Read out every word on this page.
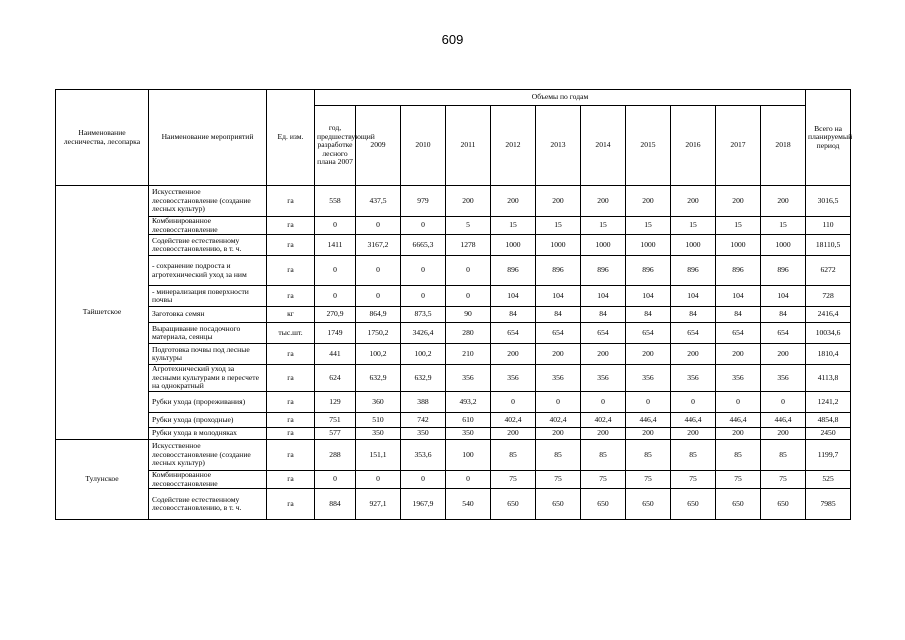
609
Наименование лесничества, лесопарка	Наименование мероприятий	Ед. изм.	Объемы по годам											Всего на планируемый период
			год, предшествующий разработке лесного плана 2007	2009	2010	2011	2012	2013	2014	2015	2016	2017	2018	
Тайшетское	Искусственное лесовосстановление (создание лесных культур)	га	558	437,5	979	200	200	200	200	200	200	200	200	3016,5
	Комбинированное лесовосстановление	га	0	0	0	5	15	15	15	15	15	15	15	110
	Содействие естественному лесовосстановлению, в т. ч.	га	1411	3167,2	6665,3	1278	1000	1000	1000	1000	1000	1000	1000	18110,5
	- сохранение подроста и агротехнический уход за ним	га	0	0	0	0	896	896	896	896	896	896	896	6272
	- минерализация поверхности почвы	га	0	0	0	0	104	104	104	104	104	104	104	728
	Заготовка семян	кг	270,9	864,9	873,5	90	84	84	84	84	84	84	84	2416,4
	Выращивание посадочного материала, сеянцы	тыс.шт.	1749	1750,2	3426,4	280	654	654	654	654	654	654	654	10034,6
	Подготовка почвы под лесные культуры	га	441	100,2	100,2	210	200	200	200	200	200	200	200	1810,4
	Агротехнический уход за лесными культурами в пересчете на однократный	га	624	632,9	632,9	356	356	356	356	356	356	356	356	4113,8
	Рубки ухода (прореживания)	га	129	360	388	493,2	0	0	0	0	0	0	0	1241,2
	Рубки ухода (проходные)	га	751	510	742	610	402,4	402,4	402,4	446,4	446,4	446,4	446,4	4854,8
	Рубки ухода в молодняках	га	577	350	350	350	200	200	200	200	200	200	200	2450
Тулунское	Искусственное лесовосстановление (создание лесных культур)	га	288	151,1	353,6	100	85	85	85	85	85	85	85	1199,7
	Комбинированное лесовосстановление	га	0	0	0	0	75	75	75	75	75	75	75	525
	Содействие естественному лесовосстановлению, в т. ч.	га	884	927,1	1967,9	540	650	650	650	650	650	650	650	7985
